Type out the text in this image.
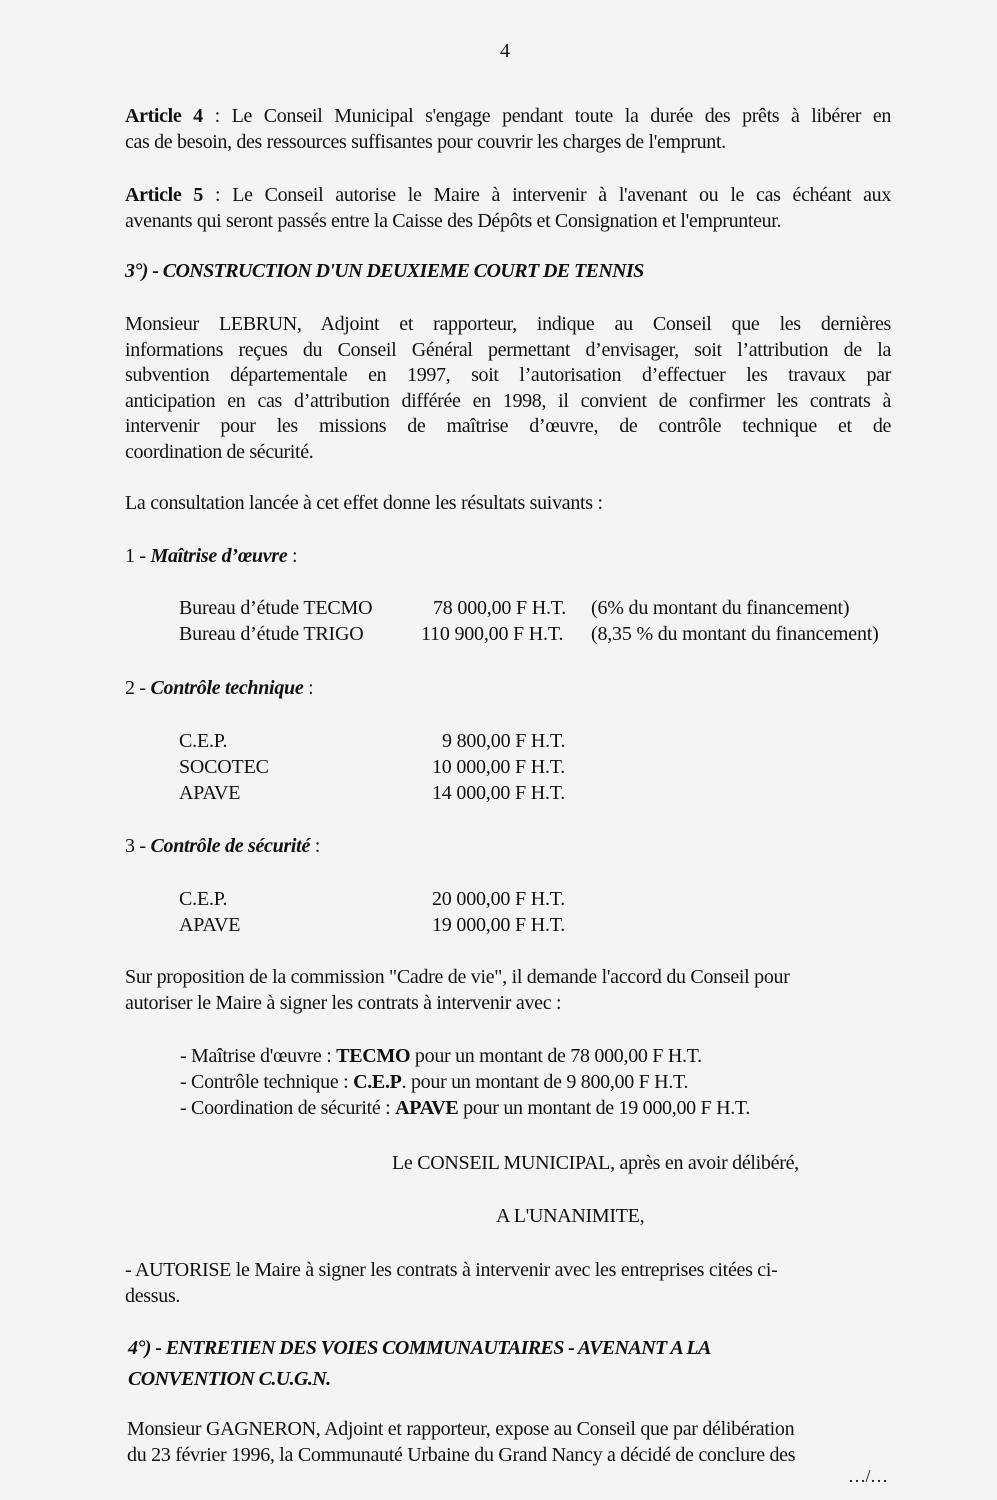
4
Article 4 : Le Conseil Municipal s'engage pendant toute la durée des prêts à libérer en
cas de besoin, des ressources suffisantes pour couvrir les charges de l'emprunt.
Article 5 : Le Conseil autorise le Maire à intervenir à l'avenant ou le cas échéant aux
avenants qui seront passés entre la Caisse des Dépôts et Consignation et l'emprunteur.
3°) - CONSTRUCTION D'UN DEUXIEME COURT DE TENNIS
Monsieur LEBRUN, Adjoint et rapporteur, indique au Conseil que les dernières
informations reçues du Conseil Général permettant d’envisager, soit l’attribution de la
subvention départementale en 1997, soit l’autorisation d’effectuer les travaux par
anticipation en cas d’attribution différée en 1998, il convient de confirmer les contrats à
intervenir pour les missions de maîtrise d’œuvre, de contrôle technique et de
coordination de sécurité.
La consultation lancée à cet effet donne les résultats suivants :
1 - Maîtrise d’œuvre :
Bureau d’étude TECMO	78 000,00 F H.T. (6% du montant du financement)
Bureau d’étude TRIGO	110 900,00 F H.T. (8,35 % du montant du financement)
2 - Contrôle technique :
C.E.P.	9 800,00 F H.T.
SOCOTEC	10 000,00 F H.T.
APAVE	14 000,00 F H.T.
3 - Contrôle de sécurité :
C.E.P.	20 000,00 F H.T.
APAVE	19 000,00 F H.T.
Sur proposition de la commission "Cadre de vie", il demande l'accord du Conseil pour
autoriser le Maire à signer les contrats à intervenir avec :
- Maîtrise d'œuvre : TECMO pour un montant de 78 000,00 F H.T.
- Contrôle technique : C.E.P. pour un montant de 9 800,00 F H.T.
- Coordination de sécurité : APAVE pour un montant de 19 000,00 F H.T.
Le CONSEIL MUNICIPAL, après en avoir délibéré,
A L'UNANIMITE,
- AUTORISE le Maire à signer les contrats à intervenir avec les entreprises citées ci-
dessus.
4°) - ENTRETIEN DES VOIES COMMUNAUTAIRES - AVENANT A LA
CONVENTION C.U.G.N.
Monsieur GAGNERON, Adjoint et rapporteur, expose au Conseil que par délibération
du 23 février 1996, la Communauté Urbaine du Grand Nancy a décidé de conclure des
…/…
